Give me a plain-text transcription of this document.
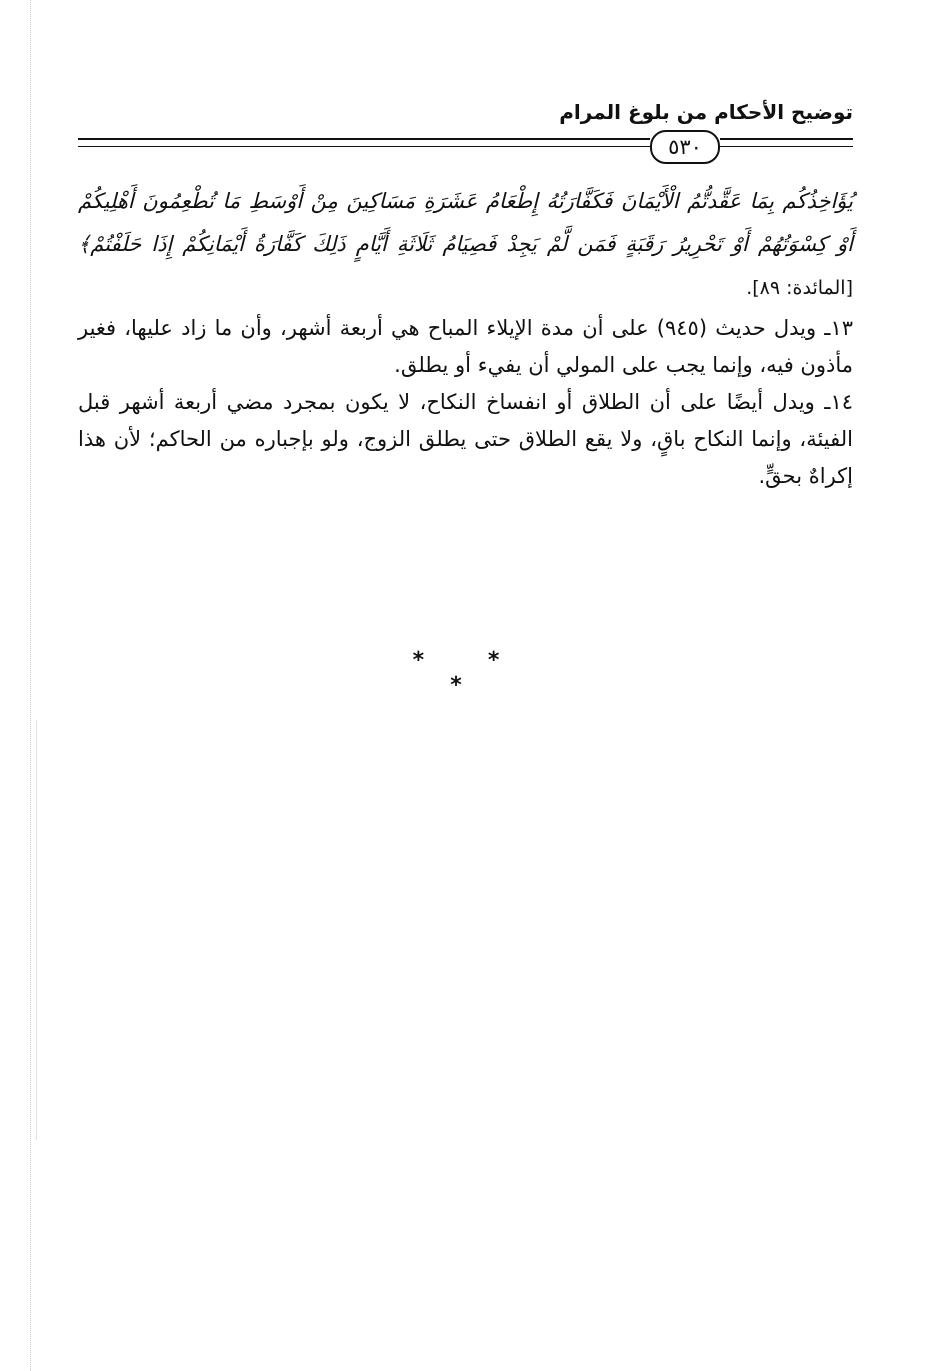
توضيح الأحكام من بلوغ المرام
٥٣٠

يُؤَاخِذُكُم بِمَا عَقَّدتُّمُ الْأَيْمَانَ فَكَفَّارَتُهُ إِطْعَامُ عَشَرَةِ مَسَاكِينَ مِنْ أَوْسَطِ مَا تُطْعِمُونَ أَهْلِيكُمْ أَوْ كِسْوَتُهُمْ أَوْ تَحْرِيرُ رَقَبَةٍ فَمَن لَّمْ يَجِدْ فَصِيَامُ ثَلَاثَةِ أَيَّامٍ ذَلِكَ كَفَّارَةُ أَيْمَانِكُمْ إِذَا حَلَفْتُمْ﴾ [المائدة: ٨٩].

١٣ـ ويدل حديث (٩٤٥) على أن مدة الإيلاء المباح هي أربعة أشهر، وأن ما زاد عليها، فغير مأذون فيه، وإنما يجب على المولي أن يفيء أو يطلق.

١٤ـ ويدل أيضًا على أن الطلاق أو انفساخ النكاح، لا يكون بمجرد مضي أربعة أشهر قبل الفيئة، وإنما النكاح باقٍ، ولا يقع الطلاق حتى يطلق الزوج، ولو بإجباره من الحاكم؛ لأن هذا إكراهٌ بحقٍّ.

* * *
